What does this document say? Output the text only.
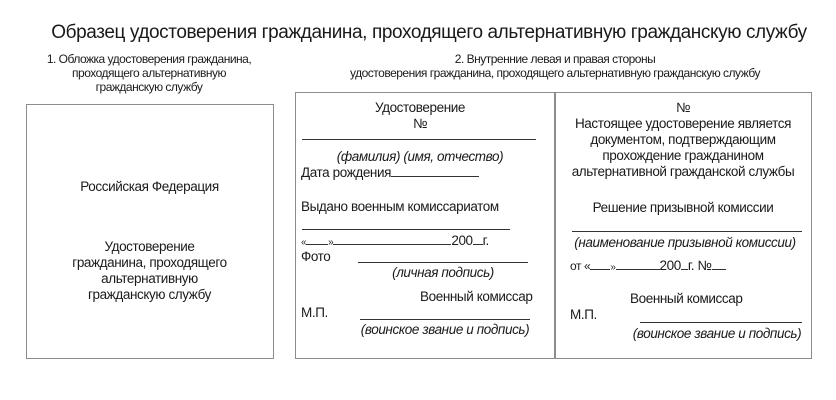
Образец удостоверения гражданина, проходящего альтернативную гражданскую службу
1. Обложка удостоверения гражданина,
проходящего альтернативную
гражданскую службу
2. Внутренние левая и правая стороны
удостоверения гражданина, проходящего альтернативную гражданскую службу
Российская Федерация
Удостоверение
гражданина, проходящего
альтернативную
гражданскую службу
Удостоверение
№
(фамилия) (имя, отчество)
Дата рождения
Выдано военным комиссариатом
« »	200 г.
Фото
(личная подпись)
Военный комиссар
М.П.
(воинское звание и подпись)
№
Настоящее удостоверение является
документом, подтверждающим
прохождение гражданином
альтернативной гражданской службы
Решение призывной комиссии
(наименование призывной комиссии)
от « »	200 г. №
Военный комиссар
М.П.
(воинское звание и подпись)
